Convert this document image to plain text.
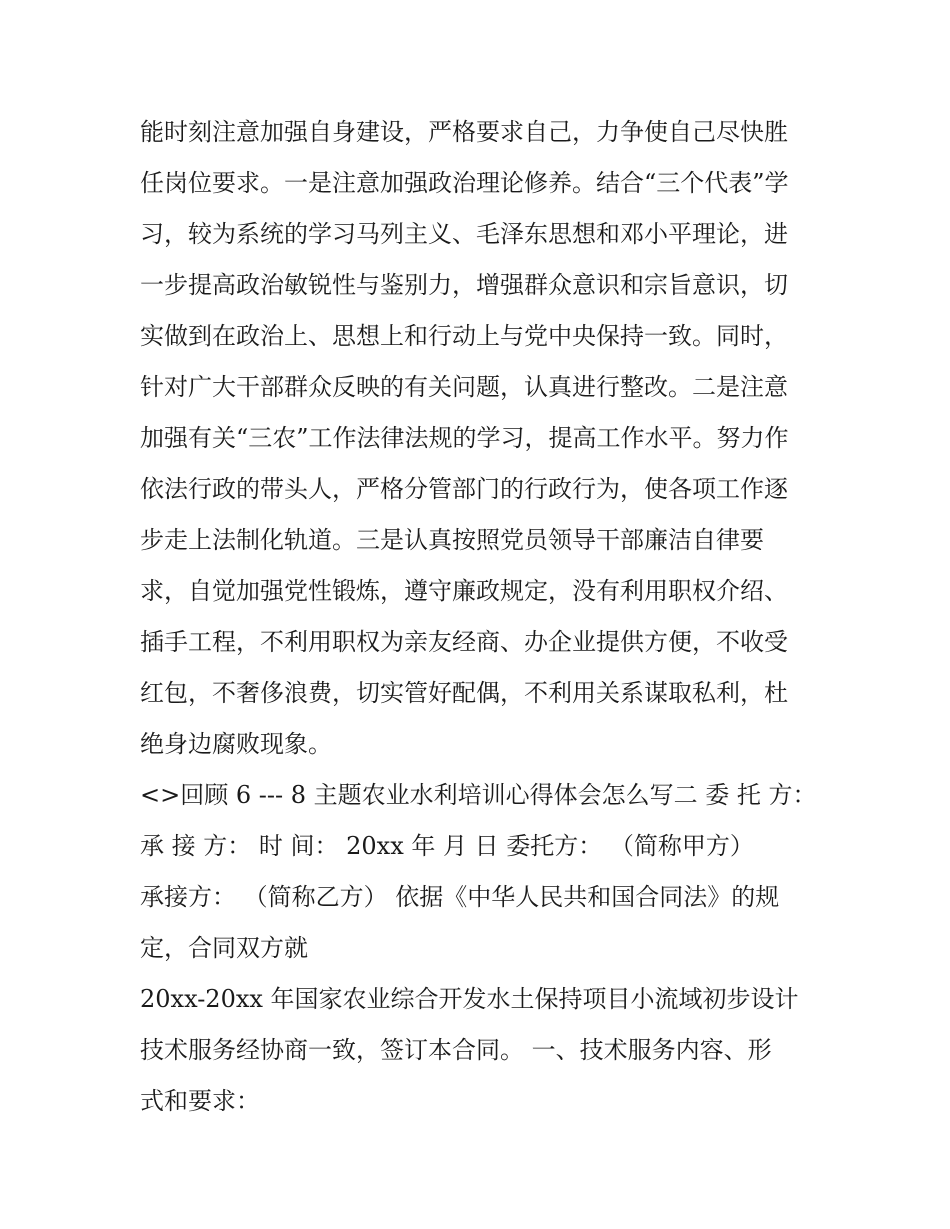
能时刻注意加强自身建设，严格要求自己，力争使自己尽快胜
任岗位要求。一是注意加强政治理论修养。结合“三个代表”学
习，较为系统的学习马列主义、毛泽东思想和邓小平理论，进
一步提高政治敏锐性与鉴别力，增强群众意识和宗旨意识，切
实做到在政治上、思想上和行动上与党中央保持一致。同时，
针对广大干部群众反映的有关问题，认真进行整改。二是注意
加强有关“三农”工作法律法规的学习，提高工作水平。努力作
依法行政的带头人，严格分管部门的行政行为，使各项工作逐
步走上法制化轨道。三是认真按照党员领导干部廉洁自律要
求，自觉加强党性锻炼，遵守廉政规定，没有利用职权介绍、
插手工程，不利用职权为亲友经商、办企业提供方便，不收受
红包，不奢侈浪费，切实管好配偶，不利用关系谋取私利，杜
绝身边腐败现象。
<>回顾 6 --- 8 主题农业水利培训心得体会怎么写二 委 托 方：
承 接 方： 时 间： 20xx 年 月 日 委托方： （简称甲方）
承接方： （简称乙方） 依据《中华人民共和国合同法》的规
定，合同双方就
20xx-20xx 年国家农业综合开发水土保持项目小流域初步设计
技术服务经协商一致，签订本合同。 一、技术服务内容、形
式和要求：
